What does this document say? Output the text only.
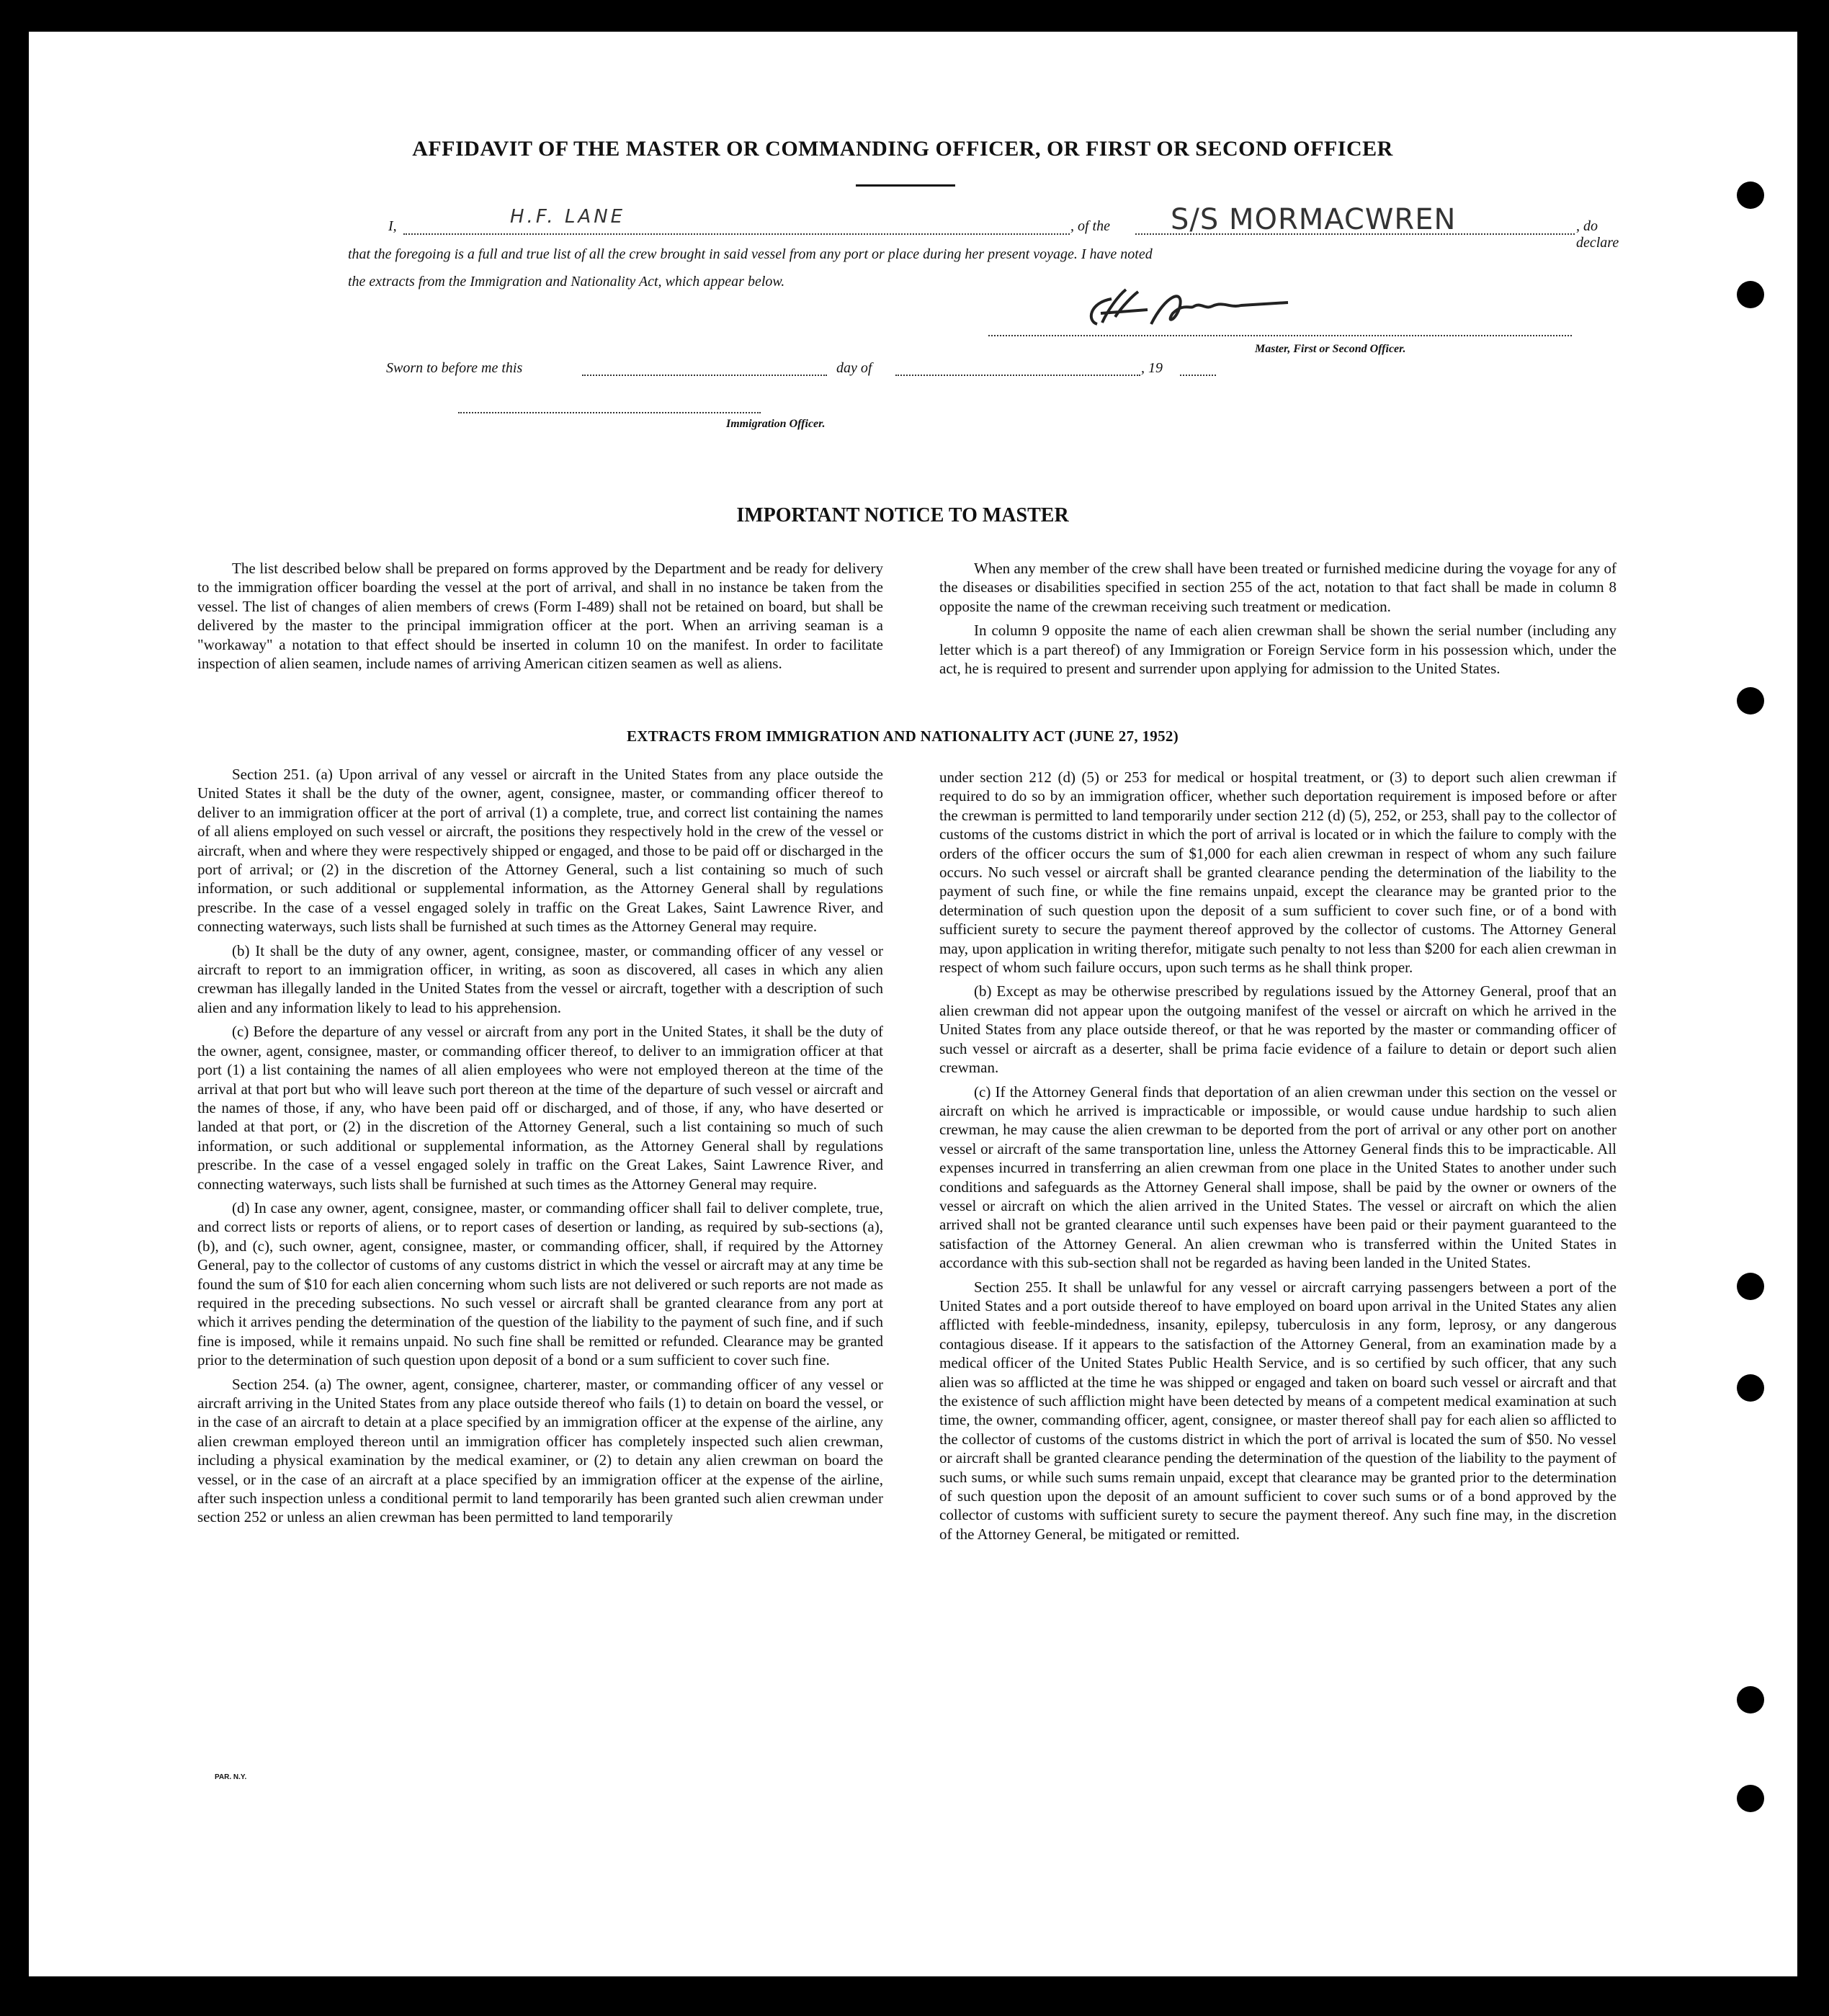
AFFIDAVIT OF THE MASTER OR COMMANDING OFFICER, OR FIRST OR SECOND OFFICER
I,	H.F. LANE	, of the S/S MORMACWREN	, do declare
that the foregoing is a full and true list of all the crew brought in said vessel from any port or place during her present voyage. I have noted
the extracts from the Immigration and Nationality Act, which appear below.
Master, First or Second Officer.
Sworn to before me this	day of	, 19
Immigration Officer.
IMPORTANT NOTICE TO MASTER

The list described below shall be prepared on forms approved by the Department and be ready for delivery to the immigration officer boarding the vessel at the port of arrival, and shall in no instance be taken from the vessel. The list of changes of alien members of crews (Form I-489) shall not be retained on board, but shall be delivered by the master to the principal immigration officer at the port. When an arriving seaman is a "workaway" a notation to that effect should be inserted in column 10 on the manifest. In order to facilitate inspection of alien seamen, include names of arriving American citizen seamen as well as aliens.

When any member of the crew shall have been treated or furnished medicine during the voyage for any of the diseases or disabilities specified in section 255 of the act, notation to that fact shall be made in column 8 opposite the name of the crewman receiving such treatment or medication.

In column 9 opposite the name of each alien crewman shall be shown the serial number (including any letter which is a part thereof) of any Immigration or Foreign Service form in his possession which, under the act, he is required to present and surrender upon applying for admission to the United States.

EXTRACTS FROM IMMIGRATION AND NATIONALITY ACT (JUNE 27, 1952)

Section 251. (a) Upon arrival of any vessel or aircraft in the United States from any place outside the United States it shall be the duty of the owner, agent, consignee, master, or commanding officer thereof to deliver to an immigration officer at the port of arrival (1) a complete, true, and correct list containing the names of all aliens employed on such vessel or aircraft, the positions they respectively hold in the crew of the vessel or aircraft, when and where they were respectively shipped or engaged, and those to be paid off or discharged in the port of arrival; or (2) in the discretion of the Attorney General, such a list containing so much of such information, or such additional or supplemental information, as the Attorney General shall by regulations prescribe. In the case of a vessel engaged solely in traffic on the Great Lakes, Saint Lawrence River, and connecting waterways, such lists shall be furnished at such times as the Attorney General may require.

(b) It shall be the duty of any owner, agent, consignee, master, or commanding officer of any vessel or aircraft to report to an immigration officer, in writing, as soon as discovered, all cases in which any alien crewman has illegally landed in the United States from the vessel or aircraft, together with a description of such alien and any information likely to lead to his apprehension.

(c) Before the departure of any vessel or aircraft from any port in the United States, it shall be the duty of the owner, agent, consignee, master, or commanding officer thereof, to deliver to an immigration officer at that port (1) a list containing the names of all alien employees who were not employed thereon at the time of the arrival at that port but who will leave such port thereon at the time of the departure of such vessel or aircraft and the names of those, if any, who have been paid off or discharged, and of those, if any, who have deserted or landed at that port, or (2) in the discretion of the Attorney General, such a list containing so much of such information, or such additional or supplemental information, as the Attorney General shall by regulations prescribe. In the case of a vessel engaged solely in traffic on the Great Lakes, Saint Lawrence River, and connecting waterways, such lists shall be furnished at such times as the Attorney General may require.

(d) In case any owner, agent, consignee, master, or commanding officer shall fail to deliver complete, true, and correct lists or reports of aliens, or to report cases of desertion or landing, as required by sub-sections (a), (b), and (c), such owner, agent, consignee, master, or commanding officer, shall, if required by the Attorney General, pay to the collector of customs of any customs district in which the vessel or aircraft may at any time be found the sum of $10 for each alien concerning whom such lists are not delivered or such reports are not made as required in the preceding subsections. No such vessel or aircraft shall be granted clearance from any port at which it arrives pending the determination of the question of the liability to the payment of such fine, and if such fine is imposed, while it remains unpaid. No such fine shall be remitted or refunded. Clearance may be granted prior to the determination of such question upon deposit of a bond or a sum sufficient to cover such fine.

Section 254. (a) The owner, agent, consignee, charterer, master, or commanding officer of any vessel or aircraft arriving in the United States from any place outside thereof who fails (1) to detain on board the vessel, or in the case of an aircraft to detain at a place specified by an immigration officer at the expense of the airline, any alien crewman employed thereon until an immigration officer has completely inspected such alien crewman, including a physical examination by the medical examiner, or (2) to detain any alien crewman on board the vessel, or in the case of an aircraft at a place specified by an immigration officer at the expense of the airline, after such inspection unless a conditional permit to land temporarily has been granted such alien crewman under section 252 or unless an alien crewman has been permitted to land temporarily

under section 212 (d) (5) or 253 for medical or hospital treatment, or (3) to deport such alien crewman if required to do so by an immigration officer, whether such deportation requirement is imposed before or after the crewman is permitted to land temporarily under section 212 (d) (5), 252, or 253, shall pay to the collector of customs of the customs district in which the port of arrival is located or in which the failure to comply with the orders of the officer occurs the sum of $1,000 for each alien crewman in respect of whom any such failure occurs. No such vessel or aircraft shall be granted clearance pending the determination of the liability to the payment of such fine, or while the fine remains unpaid, except the clearance may be granted prior to the determination of such question upon the deposit of a sum sufficient to cover such fine, or of a bond with sufficient surety to secure the payment thereof approved by the collector of customs. The Attorney General may, upon application in writing therefor, mitigate such penalty to not less than $200 for each alien crewman in respect of whom such failure occurs, upon such terms as he shall think proper.

(b) Except as may be otherwise prescribed by regulations issued by the Attorney General, proof that an alien crewman did not appear upon the outgoing manifest of the vessel or aircraft on which he arrived in the United States from any place outside thereof, or that he was reported by the master or commanding officer of such vessel or aircraft as a deserter, shall be prima facie evidence of a failure to detain or deport such alien crewman.

(c) If the Attorney General finds that deportation of an alien crewman under this section on the vessel or aircraft on which he arrived is impracticable or impossible, or would cause undue hardship to such alien crewman, he may cause the alien crewman to be deported from the port of arrival or any other port on another vessel or aircraft of the same transportation line, unless the Attorney General finds this to be impracticable. All expenses incurred in transferring an alien crewman from one place in the United States to another under such conditions and safeguards as the Attorney General shall impose, shall be paid by the owner or owners of the vessel or aircraft on which the alien arrived in the United States. The vessel or aircraft on which the alien arrived shall not be granted clearance until such expenses have been paid or their payment guaranteed to the satisfaction of the Attorney General. An alien crewman who is transferred within the United States in accordance with this sub-section shall not be regarded as having been landed in the United States.

Section 255. It shall be unlawful for any vessel or aircraft carrying passengers between a port of the United States and a port outside thereof to have employed on board upon arrival in the United States any alien afflicted with feeble-mindedness, insanity, epilepsy, tuberculosis in any form, leprosy, or any dangerous contagious disease. If it appears to the satisfaction of the Attorney General, from an examination made by a medical officer of the United States Public Health Service, and is so certified by such officer, that any such alien was so afflicted at the time he was shipped or engaged and taken on board such vessel or aircraft and that the existence of such affliction might have been detected by means of a competent medical examination at such time, the owner, commanding officer, agent, consignee, or master thereof shall pay for each alien so afflicted to the collector of customs of the customs district in which the port of arrival is located the sum of $50. No vessel or aircraft shall be granted clearance pending the determination of the question of the liability to the payment of such sums, or while such sums remain unpaid, except that clearance may be granted prior to the determination of such question upon the deposit of an amount sufficient to cover such sums or of a bond approved by the collector of customs with sufficient surety to secure the payment thereof. Any such fine may, in the discretion of the Attorney General, be mitigated or remitted.

PAR. N.Y.
